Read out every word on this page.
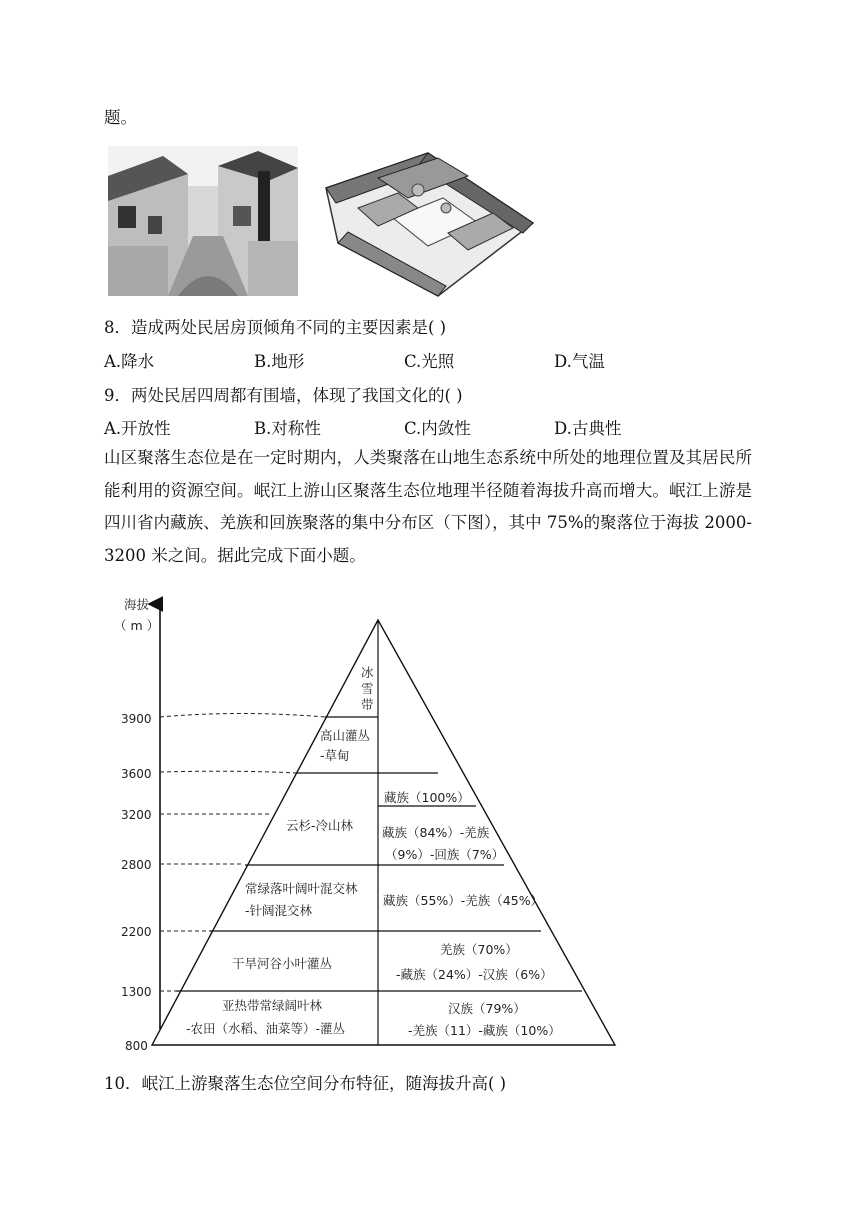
题。
8．造成两处民居房顶倾角不同的主要因素是( )
A.降水	B.地形	C.光照	D.气温
9．两处民居四周都有围墙，体现了我国文化的( )
A.开放性	B.对称性	C.内敛性	D.古典性
山区聚落生态位是在一定时期内，人类聚落在山地生态系统中所处的地理位置及其居民所能利用的资源空间。岷江上游山区聚落生态位地理半径随着海拔升高而增大。岷江上游是四川省内藏族、羌族和回族聚落的集中分布区（下图），其中 75%的聚落位于海拔 2000-3200 米之间。据此完成下面小题。
海拔
（ m ）
3900
3600
3200
2800
2200
1300
800
冰
雪
带
高山灌丛
-草甸
云杉-冷山林
常绿落叶阔叶混交林
-针阔混交林
干旱河谷小叶灌丛
亚热带常绿阔叶林
-农田（水稻、油菜等）-灌丛
藏族（100%）
藏族（84%）-羌族
（9%）-回族（7%）
藏族（55%）-羌族（45%）
羌族（70%）
-藏族（24%）-汉族（6%）
汉族（79%）
-羌族（11）-藏族（10%）
10．岷江上游聚落生态位空间分布特征，随海拔升高( )
